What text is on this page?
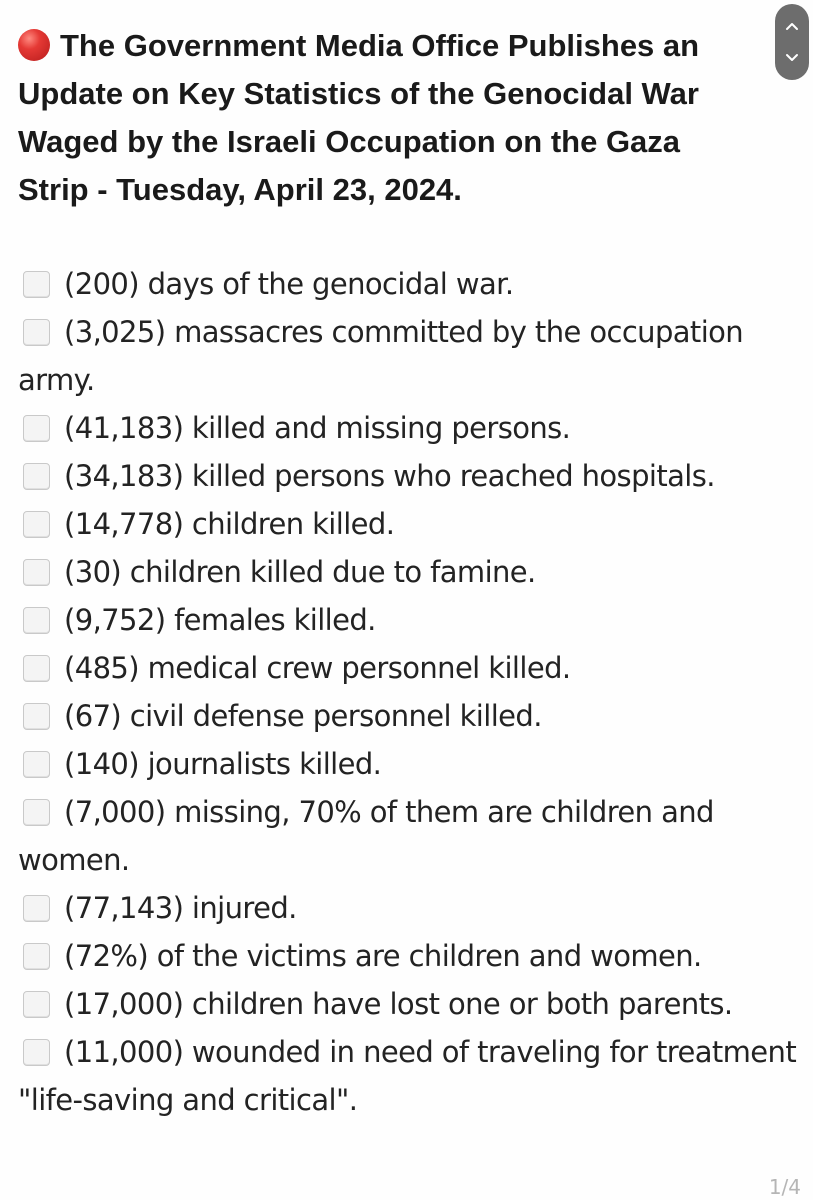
The Government Media Office Publishes an Update on Key Statistics of the Genocidal War Waged by the Israeli Occupation on the Gaza Strip - Tuesday, April 23, 2024.
(200) days of the genocidal war.
(3,025) massacres committed by the occupation army.
(41,183) killed and missing persons.
(34,183) killed persons who reached hospitals.
(14,778) children killed.
(30) children killed due to famine.
(9,752) females killed.
(485) medical crew personnel killed.
(67) civil defense personnel killed.
(140) journalists killed.
(7,000) missing, 70% of them are children and women.
(77,143) injured.
(72%) of the victims are children and women.
(17,000) children have lost one or both parents.
(11,000) wounded in need of traveling for treatment "life-saving and critical".
1/4
